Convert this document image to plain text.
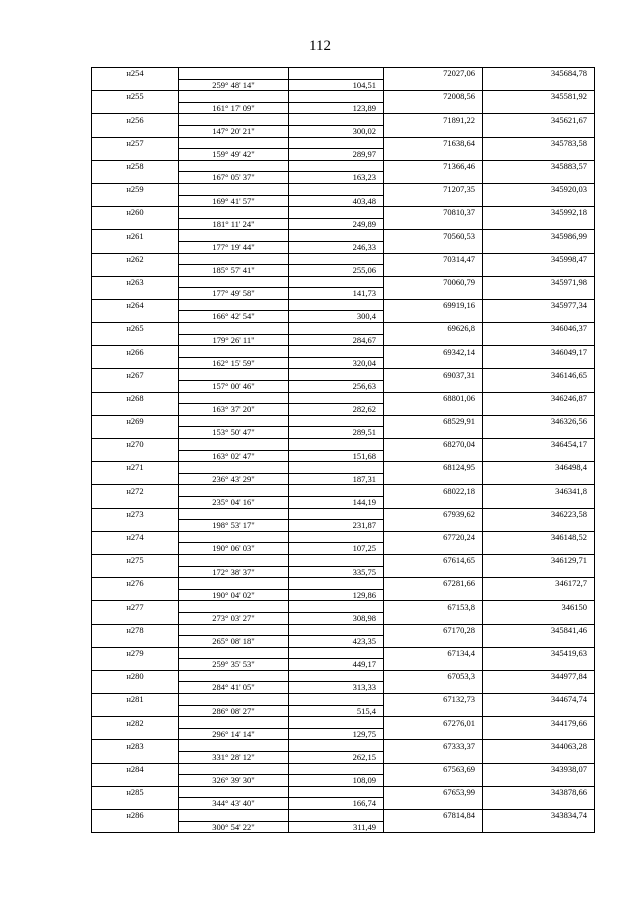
112
н254			72027,06	345684,78
	259° 48' 14"	104,51		
н255			72008,56	345581,92
	161° 17' 09"	123,89		
н256			71891,22	345621,67
	147° 20' 21"	300,02		
н257			71638,64	345783,58
	159° 49' 42"	289,97		
н258			71366,46	345883,57
	167° 05' 37"	163,23		
н259			71207,35	345920,03
	169° 41' 57"	403,48		
н260			70810,37	345992,18
	181° 11' 24"	249,89		
н261			70560,53	345986,99
	177° 19' 44"	246,33		
н262			70314,47	345998,47
	185° 57' 41"	255,06		
н263			70060,79	345971,98
	177° 49' 58"	141,73		
н264			69919,16	345977,34
	166° 42' 54"	300,4		
н265			69626,8	346046,37
	179° 26' 11"	284,67		
н266			69342,14	346049,17
	162° 15' 59"	320,04		
н267			69037,31	346146,65
	157° 00' 46"	256,63		
н268			68801,06	346246,87
	163° 37' 20"	282,62		
н269			68529,91	346326,56
	153° 50' 47"	289,51		
н270			68270,04	346454,17
	163° 02' 47"	151,68		
н271			68124,95	346498,4
	236° 43' 29"	187,31		
н272			68022,18	346341,8
	235° 04' 16"	144,19		
н273			67939,62	346223,58
	198° 53' 17"	231,87		
н274			67720,24	346148,52
	190° 06' 03"	107,25		
н275			67614,65	346129,71
	172° 38' 37"	335,75		
н276			67281,66	346172,7
	190° 04' 02"	129,86		
н277			67153,8	346150
	273° 03' 27"	308,98		
н278			67170,28	345841,46
	265° 08' 18"	423,35		
н279			67134,4	345419,63
	259° 35' 53"	449,17		
н280			67053,3	344977,84
	284° 41' 05"	313,33		
н281			67132,73	344674,74
	286° 08' 27"	515,4		
н282			67276,01	344179,66
	296° 14' 14"	129,75		
н283			67333,37	344063,28
	331° 28' 12"	262,15		
н284			67563,69	343938,07
	326° 39' 30"	108,09		
н285			67653,99	343878,66
	344° 43' 40"	166,74		
н286			67814,84	343834,74
	300° 54' 22"	311,49		
